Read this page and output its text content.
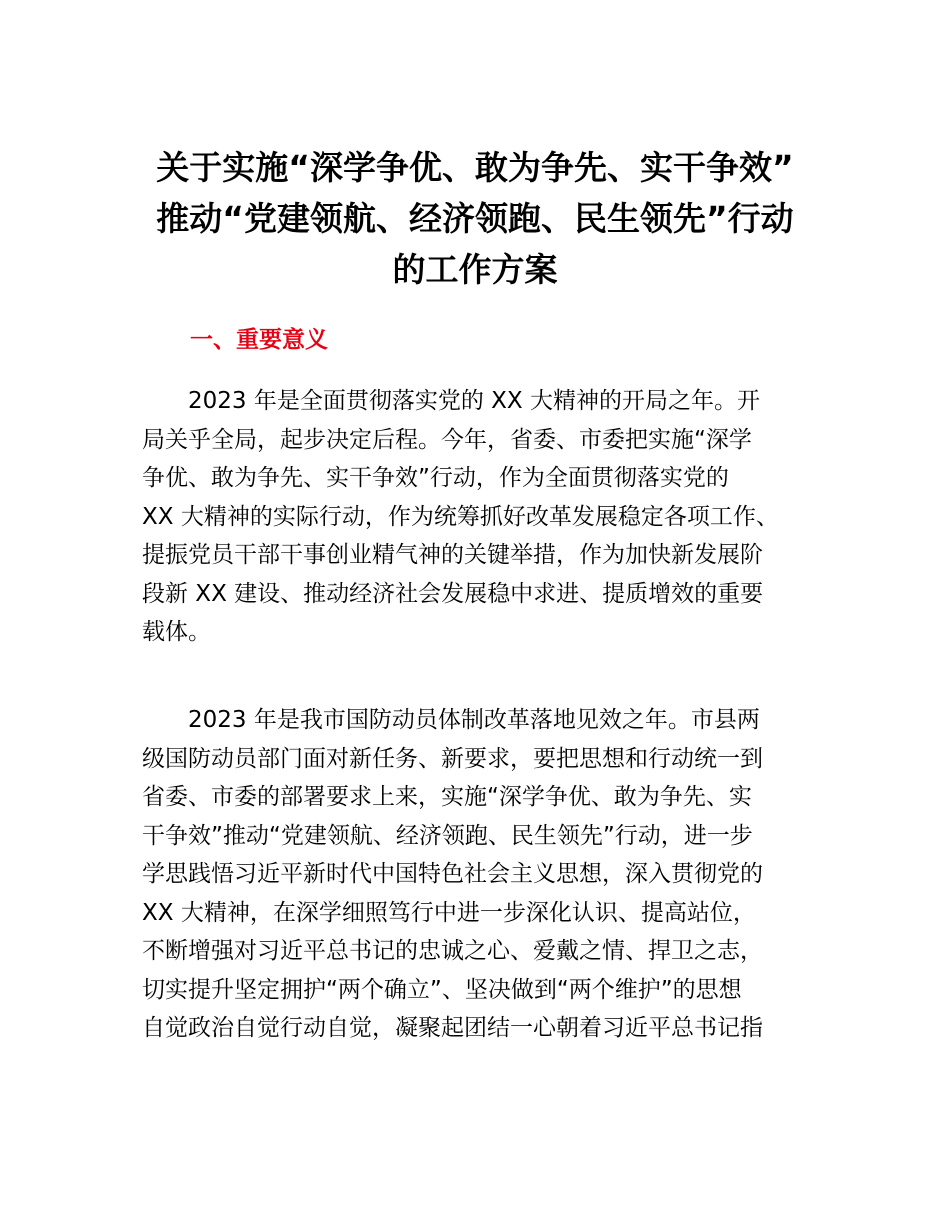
关于实施“深学争优、敢为争先、实干争效”
推动“党建领航、经济领跑、民生领先”行动
的工作方案
一、重要意义
2023 年是全面贯彻落实党的 XX 大精神的开局之年。开
局关乎全局，起步决定后程。今年，省委、市委把实施“深学
争优、敢为争先、实干争效”行动，作为全面贯彻落实党的
XX 大精神的实际行动，作为统筹抓好改革发展稳定各项工作、
提振党员干部干事创业精气神的关键举措，作为加快新发展阶
段新 XX 建设、推动经济社会发展稳中求进、提质增效的重要
载体。
2023 年是我市国防动员体制改革落地见效之年。市县两
级国防动员部门面对新任务、新要求，要把思想和行动统一到
省委、市委的部署要求上来，实施“深学争优、敢为争先、实
干争效”推动“党建领航、经济领跑、民生领先”行动，进一步
学思践悟习近平新时代中国特色社会主义思想，深入贯彻党的
XX 大精神，在深学细照笃行中进一步深化认识、提高站位，
不断增强对习近平总书记的忠诚之心、爱戴之情、捍卫之志，
切实提升坚定拥护“两个确立”、坚决做到“两个维护”的思想
自觉政治自觉行动自觉，凝聚起团结一心朝着习近平总书记指
